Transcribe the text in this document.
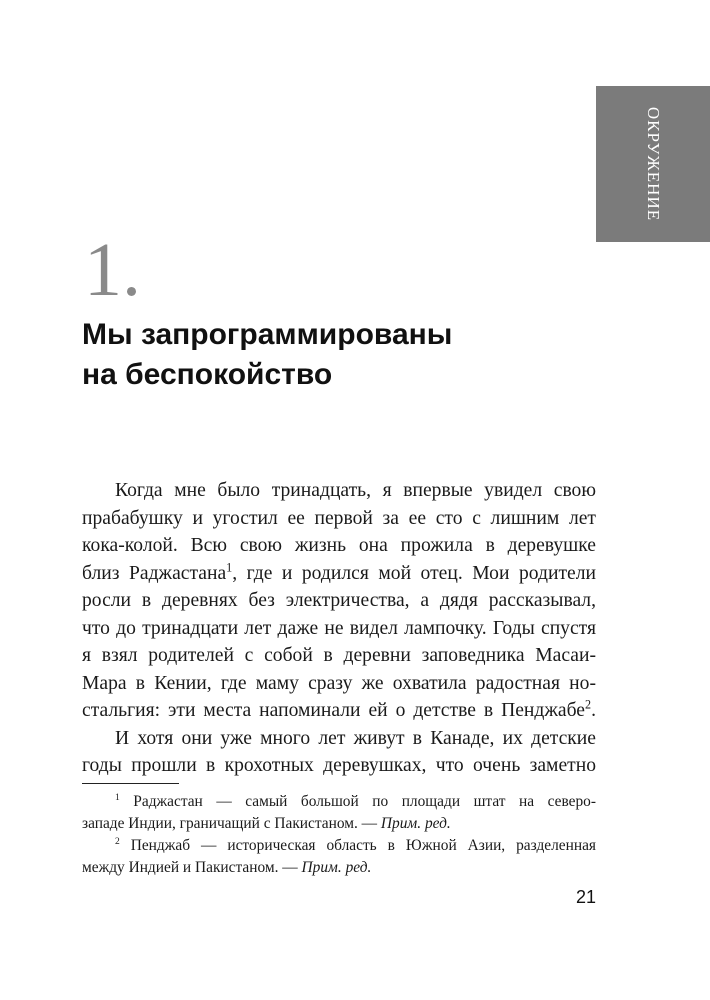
ОКРУЖЕНИЕ
1.
Мы запрограммированы
на беспокойство
Когда мне было тринадцать, я впервые увидел свою
прабабушку и угостил ее первой за ее сто с лишним лет
кока-колой. Всю свою жизнь она прожила в деревушке
близ Раджастана$^1$, где и родился мой отец. Мои родители
росли в деревнях без электричества, а дядя рассказывал,
что до тринадцати лет даже не видел лампочку. Годы спустя
я взял родителей с собой в деревни заповедника Масаи-
Мара в Кении, где маму сразу же охватила радостная но-
стальгия: эти места напоминали ей о детстве в Пенджабе$^2$.
И хотя они уже много лет живут в Канаде, их детские
годы прошли в крохотных деревушках, что очень заметно
$^1$ Раджастан — самый большой по площади штат на северо-
западе Индии, граничащий с Пакистаном. — Прим. ред.
$^2$ Пенджаб — историческая область в Южной Азии, разделенная
между Индией и Пакистаном. — Прим. ред.
21
